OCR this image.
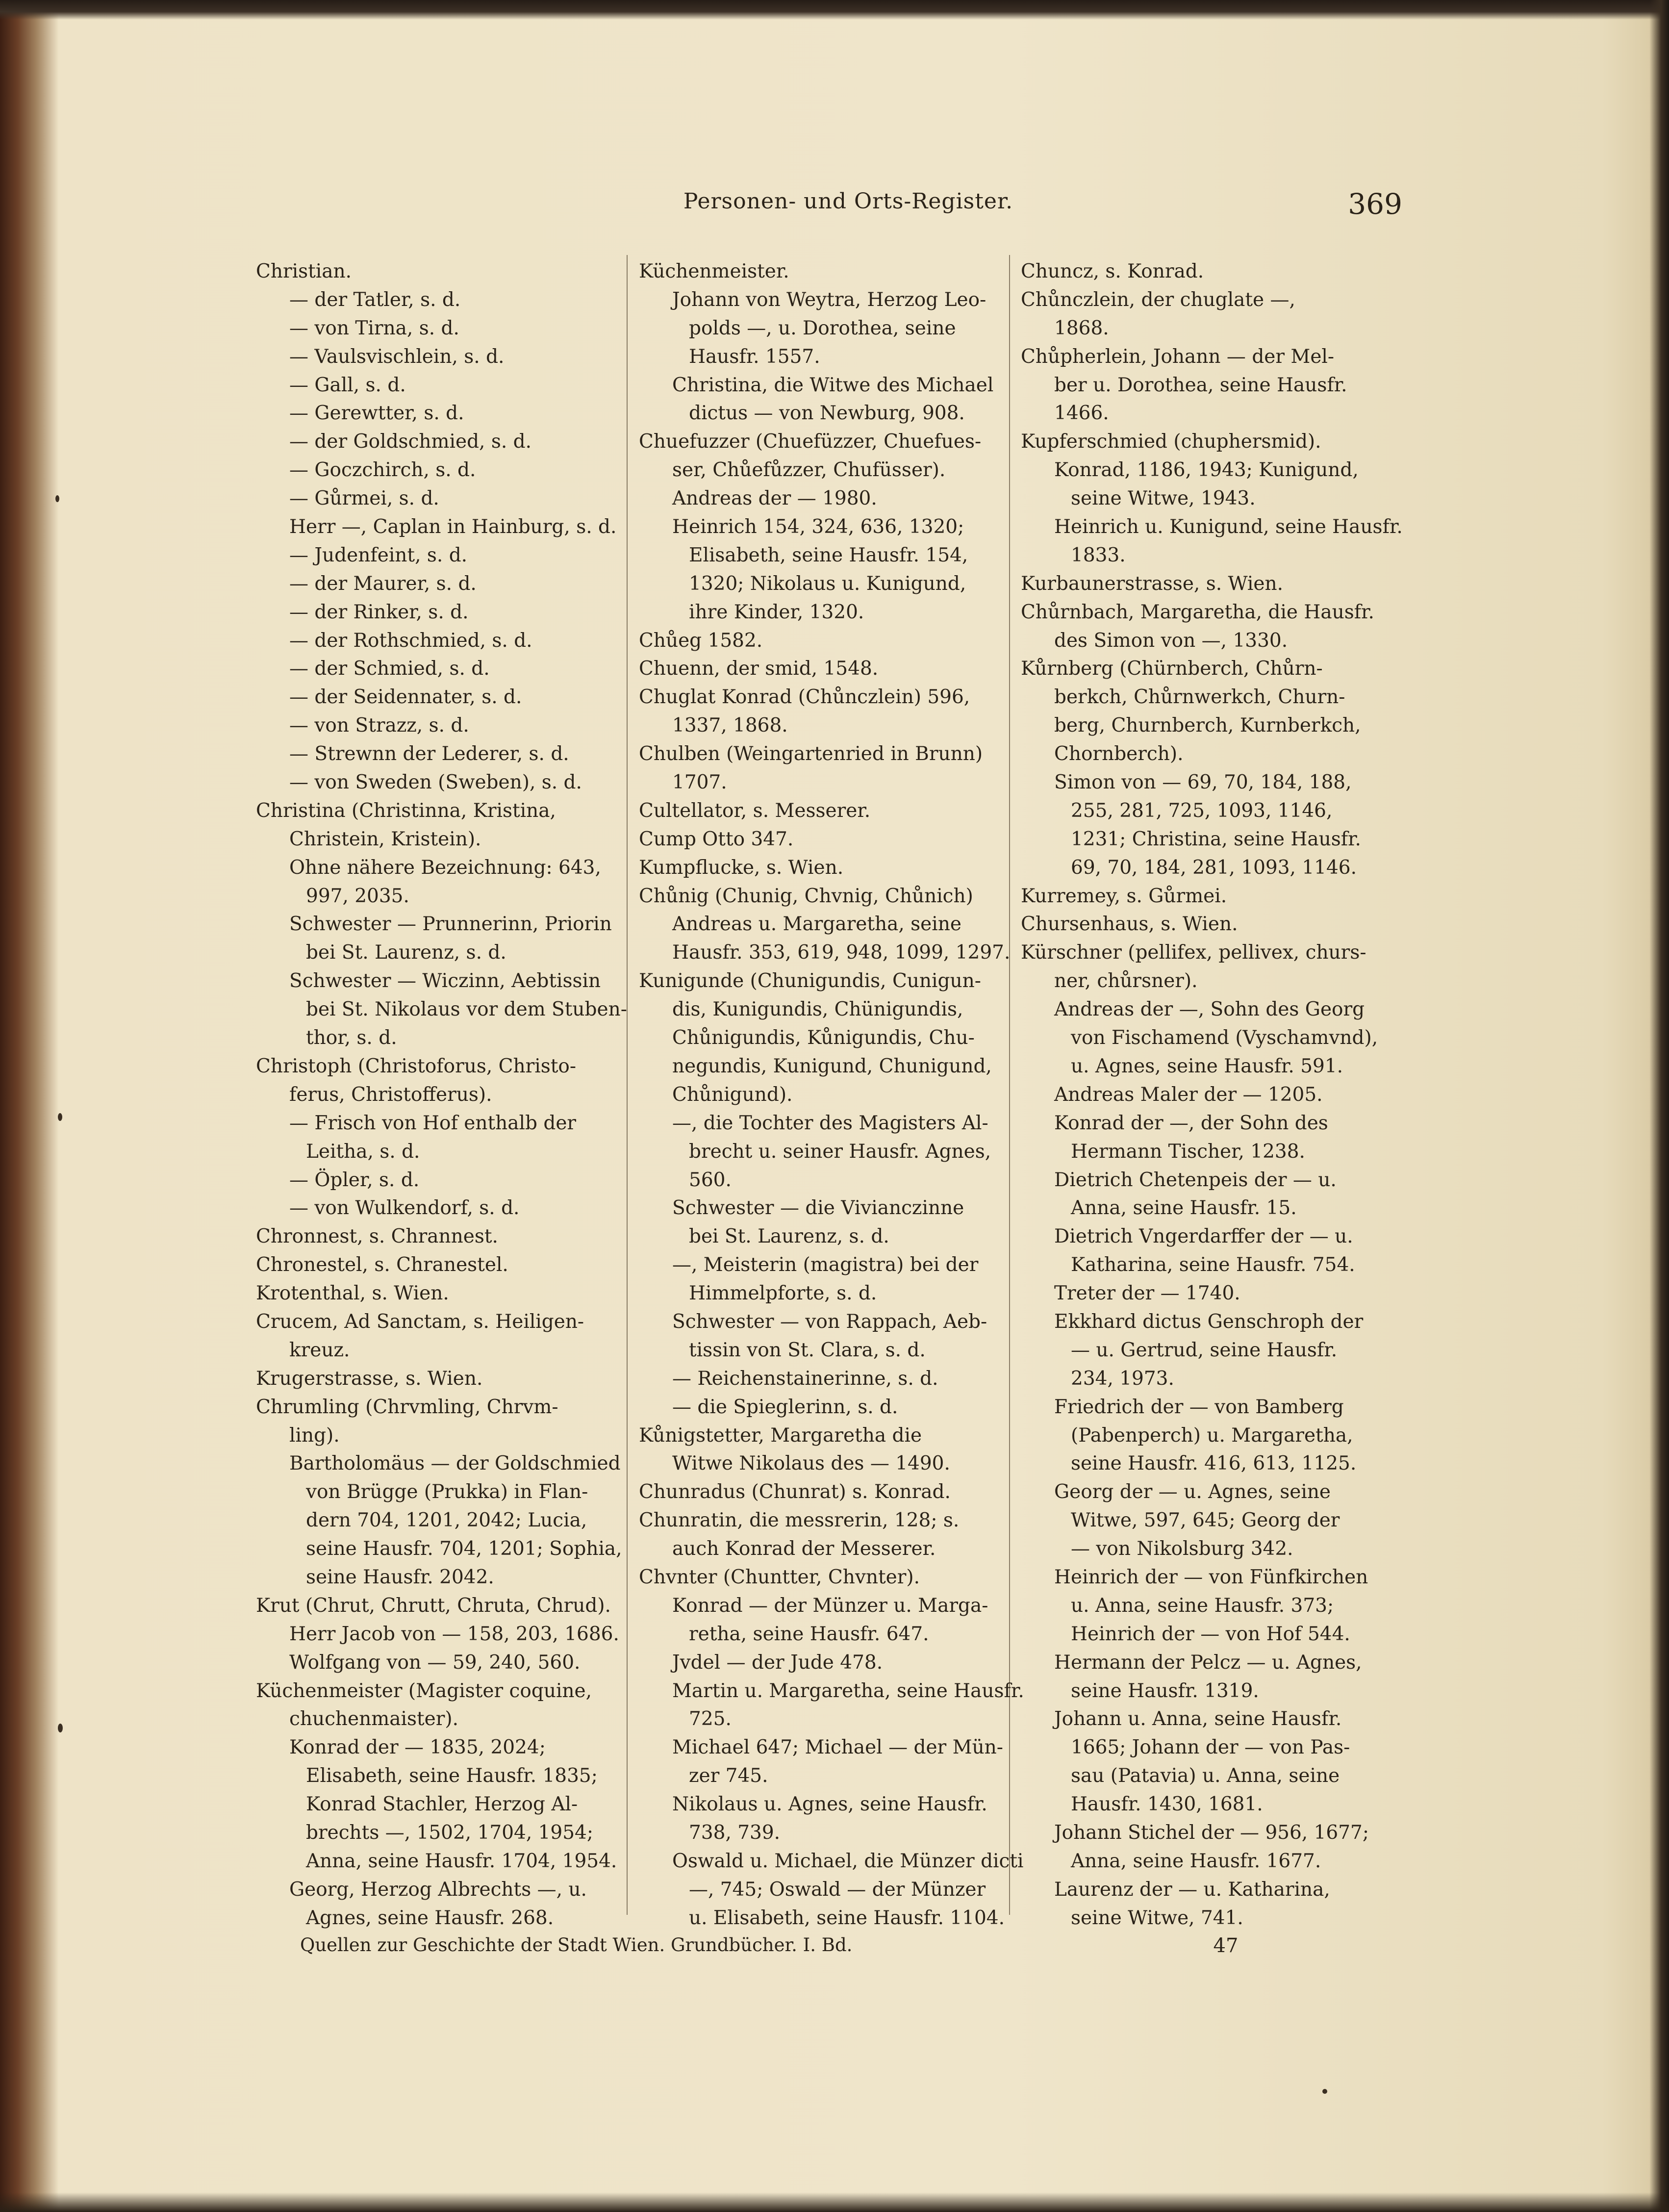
Personen- und Orts-Register.	369
Christian.
— der Tatler, s. d.
— von Tirna, s. d.
— Vaulsvischlein, s. d.
— Gall, s. d.
— Gerewtter, s. d.
— der Goldschmied, s. d.
— Goczchirch, s. d.
— Gůrmei, s. d.
Herr —, Caplan in Hainburg, s. d.
— Judenfeint, s. d.
— der Maurer, s. d.
— der Rinker, s. d.
— der Rothschmied, s. d.
— der Schmied, s. d.
— der Seidennater, s. d.
— von Strazz, s. d.
— Strewnn der Lederer, s. d.
— von Sweden (Sweben), s. d.
Christina (Christinna, Kristina,
Christein, Kristein).
Ohne nähere Bezeichnung: 643,
997, 2035.
Schwester — Prunnerinn, Priorin
bei St. Laurenz, s. d.
Schwester — Wiczinn, Aebtissin
bei St. Nikolaus vor dem Stuben-
thor, s. d.
Christoph (Christoforus, Christo-
ferus, Christofferus).
— Frisch von Hof enthalb der
Leitha, s. d.
— Öpler, s. d.
— von Wulkendorf, s. d.
Chronnest, s. Chrannest.
Chronestel, s. Chranestel.
Krotenthal, s. Wien.
Crucem, Ad Sanctam, s. Heiligen-
kreuz.
Krugerstrasse, s. Wien.
Chrumling (Chrvmling, Chrvm-
ling).
Bartholomäus — der Goldschmied
von Brügge (Prukka) in Flan-
dern 704, 1201, 2042; Lucia,
seine Hausfr. 704, 1201; Sophia,
seine Hausfr. 2042.
Krut (Chrut, Chrutt, Chruta, Chrud).
Herr Jacob von — 158, 203, 1686.
Wolfgang von — 59, 240, 560.
Küchenmeister (Magister coquine,
chuchenmaister).
Konrad der — 1835, 2024;
Elisabeth, seine Hausfr. 1835;
Konrad Stachler, Herzog Al-
brechts —, 1502, 1704, 1954;
Anna, seine Hausfr. 1704, 1954.
Georg, Herzog Albrechts —, u.
Agnes, seine Hausfr. 268.
Küchenmeister.
Johann von Weytra, Herzog Leo-
polds —, u. Dorothea, seine
Hausfr. 1557.
Christina, die Witwe des Michael
dictus — von Newburg, 908.
Chuefuzzer (Chuefüzzer, Chuefues-
ser, Chůefůzzer, Chufüsser).
Andreas der — 1980.
Heinrich 154, 324, 636, 1320;
Elisabeth, seine Hausfr. 154,
1320; Nikolaus u. Kunigund,
ihre Kinder, 1320.
Chůeg 1582.
Chuenn, der smid, 1548.
Chuglat Konrad (Chůnczlein) 596,
1337, 1868.
Chulben (Weingartenried in Brunn)
1707.
Cultellator, s. Messerer.
Cump Otto 347.
Kumpflucke, s. Wien.
Chůnig (Chunig, Chvnig, Chůnich)
Andreas u. Margaretha, seine
Hausfr. 353, 619, 948, 1099, 1297.
Kunigunde (Chunigundis, Cunigun-
dis, Kunigundis, Chünigundis,
Chůnigundis, Kůnigundis, Chu-
negundis, Kunigund, Chunigund,
Chůnigund).
—, die Tochter des Magisters Al-
brecht u. seiner Hausfr. Agnes,
560.
Schwester — die Vivianczinne
bei St. Laurenz, s. d.
—, Meisterin (magistra) bei der
Himmelpforte, s. d.
Schwester — von Rappach, Aeb-
tissin von St. Clara, s. d.
— Reichenstainerinne, s. d.
— die Spieglerinn, s. d.
Kůnigstetter, Margaretha die
Witwe Nikolaus des — 1490.
Chunradus (Chunrat) s. Konrad.
Chunratin, die messrerin, 128; s.
auch Konrad der Messerer.
Chvnter (Chuntter, Chvnter).
Konrad — der Münzer u. Marga-
retha, seine Hausfr. 647.
Jvdel — der Jude 478.
Martin u. Margaretha, seine Hausfr.
725.
Michael 647; Michael — der Mün-
zer 745.
Nikolaus u. Agnes, seine Hausfr.
738, 739.
Oswald u. Michael, die Münzer dicti
—, 745; Oswald — der Münzer
u. Elisabeth, seine Hausfr. 1104.
Chuncz, s. Konrad.
Chůnczlein, der chuglate —,
1868.
Chůpherlein, Johann — der Mel-
ber u. Dorothea, seine Hausfr.
1466.
Kupferschmied (chuphersmid).
Konrad, 1186, 1943; Kunigund,
seine Witwe, 1943.
Heinrich u. Kunigund, seine Hausfr.
1833.
Kurbaunerstrasse, s. Wien.
Chůrnbach, Margaretha, die Hausfr.
des Simon von —, 1330.
Kůrnberg (Chürnberch, Chůrn-
berkch, Chůrnwerkch, Churn-
berg, Churnberch, Kurnberkch,
Chornberch).
Simon von — 69, 70, 184, 188,
255, 281, 725, 1093, 1146,
1231; Christina, seine Hausfr.
69, 70, 184, 281, 1093, 1146.
Kurremey, s. Gůrmei.
Chursenhaus, s. Wien.
Kürschner (pellifex, pellivex, churs-
ner, chůrsner).
Andreas der —, Sohn des Georg
von Fischamend (Vyschamvnd),
u. Agnes, seine Hausfr. 591.
Andreas Maler der — 1205.
Konrad der —, der Sohn des
Hermann Tischer, 1238.
Dietrich Chetenpeis der — u.
Anna, seine Hausfr. 15.
Dietrich Vngerdarffer der — u.
Katharina, seine Hausfr. 754.
Treter der — 1740.
Ekkhard dictus Genschroph der
— u. Gertrud, seine Hausfr.
234, 1973.
Friedrich der — von Bamberg
(Pabenperch) u. Margaretha,
seine Hausfr. 416, 613, 1125.
Georg der — u. Agnes, seine
Witwe, 597, 645; Georg der
— von Nikolsburg 342.
Heinrich der — von Fünfkirchen
u. Anna, seine Hausfr. 373;
Heinrich der — von Hof 544.
Hermann der Pelcz — u. Agnes,
seine Hausfr. 1319.
Johann u. Anna, seine Hausfr.
1665; Johann der — von Pas-
sau (Patavia) u. Anna, seine
Hausfr. 1430, 1681.
Johann Stichel der — 956, 1677;
Anna, seine Hausfr. 1677.
Laurenz der — u. Katharina,
seine Witwe, 741.
Quellen zur Geschichte der Stadt Wien. Grundbücher. I. Bd.	47
